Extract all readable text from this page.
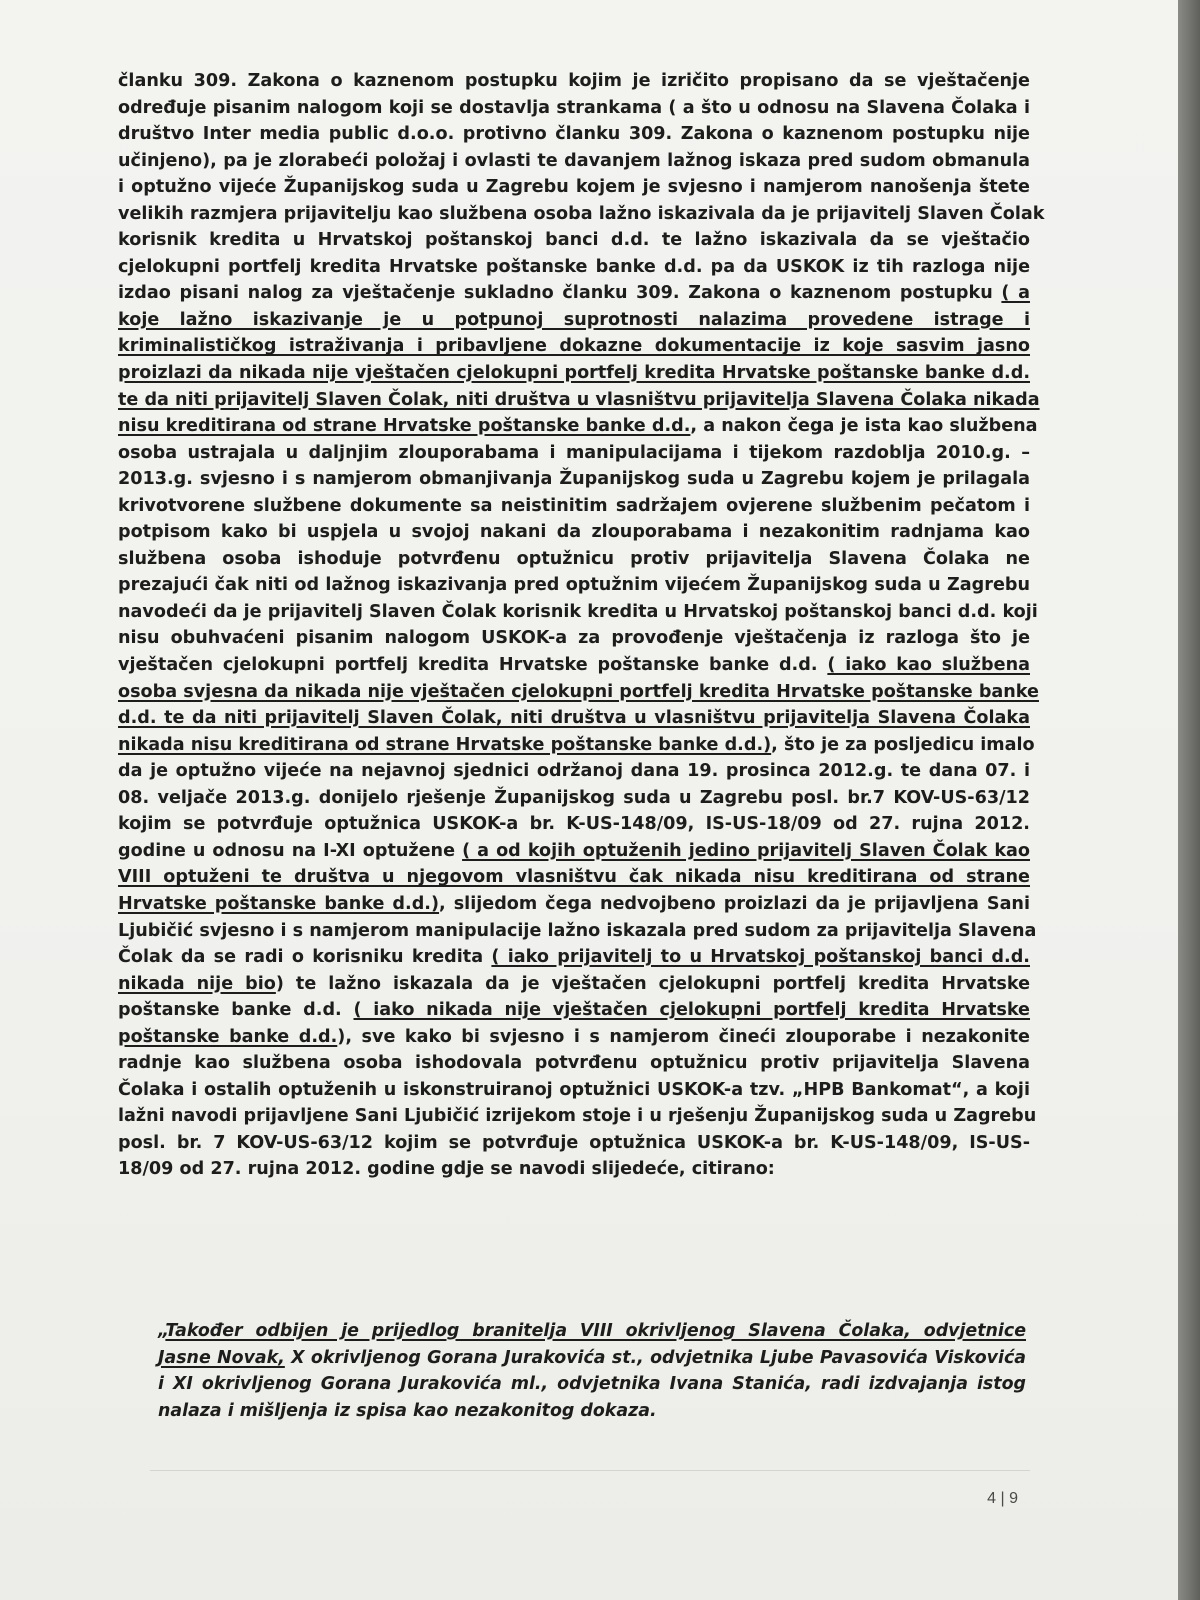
članku 309. Zakona o kaznenom postupku kojim je izričito propisano da se vještačenje
određuje pisanim nalogom koji se dostavlja strankama ( a što u odnosu na Slavena Čolaka i
društvo Inter media public d.o.o. protivno članku 309. Zakona o kaznenom postupku nije
učinjeno), pa je zlorabeći položaj i ovlasti te davanjem lažnog iskaza pred sudom obmanula
i optužno vijeće Županijskog suda u Zagrebu kojem je svjesno i namjerom nanošenja štete
velikih razmjera prijavitelju kao službena osoba lažno iskazivala da je prijavitelj Slaven Čolak
korisnik kredita u Hrvatskoj poštanskoj banci d.d. te lažno iskazivala da se vještačio
cjelokupni portfelj kredita Hrvatske poštanske banke d.d. pa da USKOK iz tih razloga nije
izdao pisani nalog za vještačenje sukladno članku 309. Zakona o kaznenom postupku ( a
koje lažno iskazivanje je u potpunoj suprotnosti nalazima provedene istrage i
kriminalističkog istraživanja i pribavljene dokazne dokumentacije iz koje sasvim jasno
proizlazi da nikada nije vještačen cjelokupni portfelj kredita Hrvatske poštanske banke d.d.
te da niti prijavitelj Slaven Čolak, niti društva u vlasništvu prijavitelja Slavena Čolaka nikada
nisu kreditirana od strane Hrvatske poštanske banke d.d., a nakon čega je ista kao službena
osoba ustrajala u daljnjim zlouporabama i manipulacijama i tijekom razdoblja 2010.g. –
2013.g. svjesno i s namjerom obmanjivanja Županijskog suda u Zagrebu kojem je prilagala
krivotvorene službene dokumente sa neistinitim sadržajem ovjerene službenim pečatom i
potpisom kako bi uspjela u svojoj nakani da zlouporabama i nezakonitim radnjama kao
službena osoba ishoduje potvrđenu optužnicu protiv prijavitelja Slavena Čolaka ne
prezajući čak niti od lažnog iskazivanja pred optužnim vijećem Županijskog suda u Zagrebu
navodeći da je prijavitelj Slaven Čolak korisnik kredita u Hrvatskoj poštanskoj banci d.d. koji
nisu obuhvaćeni pisanim nalogom USKOK-a za provođenje vještačenja iz razloga što je
vještačen cjelokupni portfelj kredita Hrvatske poštanske banke d.d. ( iako kao službena
osoba svjesna da nikada nije vještačen cjelokupni portfelj kredita Hrvatske poštanske banke
d.d. te da niti prijavitelj Slaven Čolak, niti društva u vlasništvu prijavitelja Slavena Čolaka
nikada nisu kreditirana od strane Hrvatske poštanske banke d.d.), što je za posljedicu imalo
da je optužno vijeće na nejavnoj sjednici održanoj dana 19. prosinca 2012.g. te dana 07. i
08. veljače 2013.g. donijelo rješenje Županijskog suda u Zagrebu posl. br.7 KOV-US-63/12
kojim se potvrđuje optužnica USKOK-a br. K-US-148/09, IS-US-18/09 od 27. rujna 2012.
godine u odnosu na I-XI optužene ( a od kojih optuženih jedino prijavitelj Slaven Čolak kao
VIII optuženi te društva u njegovom vlasništvu čak nikada nisu kreditirana od strane
Hrvatske poštanske banke d.d.), slijedom čega nedvojbeno proizlazi da je prijavljena Sani
Ljubičić svjesno i s namjerom manipulacije lažno iskazala pred sudom za prijavitelja Slavena
Čolak da se radi o korisniku kredita ( iako prijavitelj to u Hrvatskoj poštanskoj banci d.d.
nikada nije bio) te lažno iskazala da je vještačen cjelokupni portfelj kredita Hrvatske
poštanske banke d.d. ( iako nikada nije vještačen cjelokupni portfelj kredita Hrvatske
poštanske banke d.d.), sve kako bi svjesno i s namjerom čineći zlouporabe i nezakonite
radnje kao službena osoba ishodovala potvrđenu optužnicu protiv prijavitelja Slavena
Čolaka i ostalih optuženih u iskonstruiranoj optužnici USKOK-a tzv. „HPB Bankomat“, a koji
lažni navodi prijavljene Sani Ljubičić izrijekom stoje i u rješenju Županijskog suda u Zagrebu
posl. br. 7 KOV-US-63/12 kojim se potvrđuje optužnica USKOK-a br. K-US-148/09, IS-US-
18/09 od 27. rujna 2012. godine gdje se navodi slijedeće, citirano:
„Također odbijen je prijedlog branitelja VIII okrivljenog Slavena Čolaka, odvjetnice
Jasne Novak, X okrivljenog Gorana Jurakovića st., odvjetnika Ljube Pavasovića Viskovića
i XI okrivljenog Gorana Jurakovića ml., odvjetnika Ivana Stanića, radi izdvajanja istog
nalaza i mišljenja iz spisa kao nezakonitog dokaza.
4 | 9
